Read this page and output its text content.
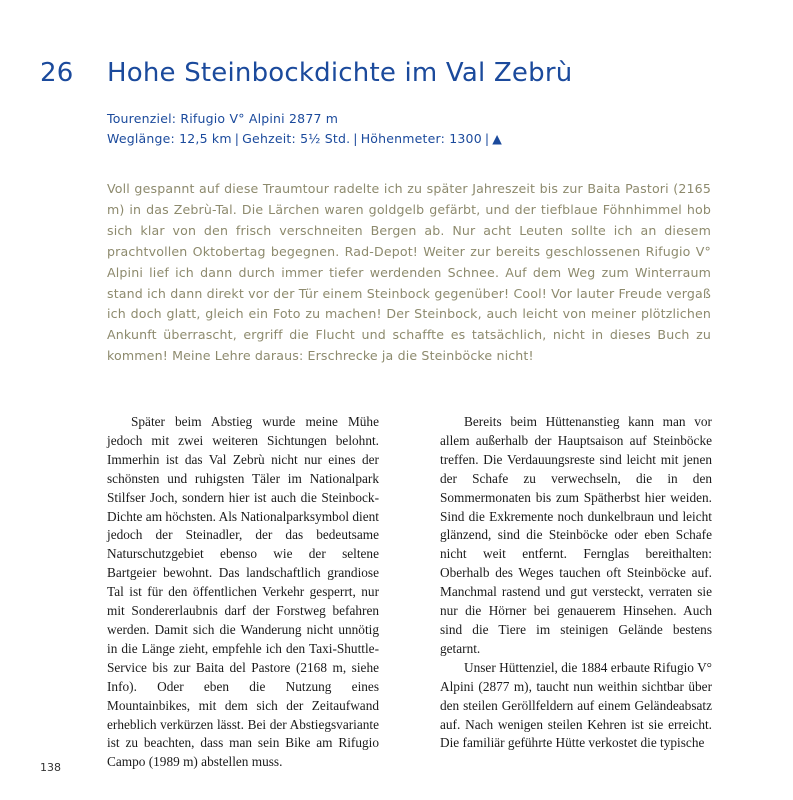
26	Hohe Steinbockdichte im Val Zebrù
Tourenziel: Rifugio V° Alpini 2877 m
Weglänge: 12,5 km | Gehzeit: 5½ Std. | Höhenmeter: 1300 | ▲

Voll gespannt auf diese Traumtour radelte ich zu später Jahreszeit bis zur Baita Pastori (2165 m) in das Zebrù-Tal. Die Lärchen waren goldgelb gefärbt, und der tiefblaue Föhnhimmel hob sich klar von den frisch verschneiten Bergen ab. Nur acht Leuten sollte ich an diesem prachtvollen Oktobertag begegnen. Rad-Depot! Weiter zur bereits geschlossenen Rifugio V° Alpini lief ich dann durch immer tiefer werdenden Schnee. Auf dem Weg zum Winterraum stand ich dann direkt vor der Tür einem Steinbock gegenüber! Cool! Vor lauter Freude vergaß ich doch glatt, gleich ein Foto zu machen! Der Steinbock, auch leicht von meiner plötzlichen Ankunft überrascht, ergriff die Flucht und schaffte es tatsächlich, nicht in dieses Buch zu kommen! Meine Lehre daraus: Erschrecke ja die Steinböcke nicht!

Später beim Abstieg wurde meine Mühe jedoch mit zwei weiteren Sichtungen belohnt. Immerhin ist das Val Zebrù nicht nur eines der schönsten und ruhigsten Täler im Nationalpark Stilfser Joch, sondern hier ist auch die Steinbock-Dichte am höchsten. Als Nationalparksymbol dient jedoch der Steinadler, der das bedeutsame Naturschutzgebiet ebenso wie der seltene Bartgeier bewohnt. Das landschaftlich grandiose Tal ist für den öffentlichen Verkehr gesperrt, nur mit Sondererlaubnis darf der Forstweg befahren werden. Damit sich die Wanderung nicht unnötig in die Länge zieht, empfehle ich den Taxi-Shuttle-Service bis zur Baita del Pastore (2168 m, siehe Info). Oder eben die Nutzung eines Mountainbikes, mit dem sich der Zeitaufwand erheblich verkürzen lässt. Bei der Abstiegsvariante ist zu beachten, dass man sein Bike am Rifugio Campo (1989 m) abstellen muss.

Bereits beim Hüttenanstieg kann man vor allem außerhalb der Hauptsaison auf Steinböcke treffen. Die Verdauungsreste sind leicht mit jenen der Schafe zu verwechseln, die in den Sommermonaten bis zum Spätherbst hier weiden. Sind die Exkremente noch dunkelbraun und leicht glänzend, sind die Steinböcke oder eben Schafe nicht weit entfernt. Fernglas bereithalten: Oberhalb des Weges tauchen oft Steinböcke auf. Manchmal rastend und gut versteckt, verraten sie nur die Hörner bei genauerem Hinsehen. Auch sind die Tiere im steinigen Gelände bestens getarnt.

Unser Hüttenziel, die 1884 erbaute Rifugio V° Alpini (2877 m), taucht nun weithin sichtbar über den steilen Geröllfeldern auf einem Geländeabsatz auf. Nach wenigen steilen Kehren ist sie erreicht. Die familiär geführte Hütte verkostet die typische

138
